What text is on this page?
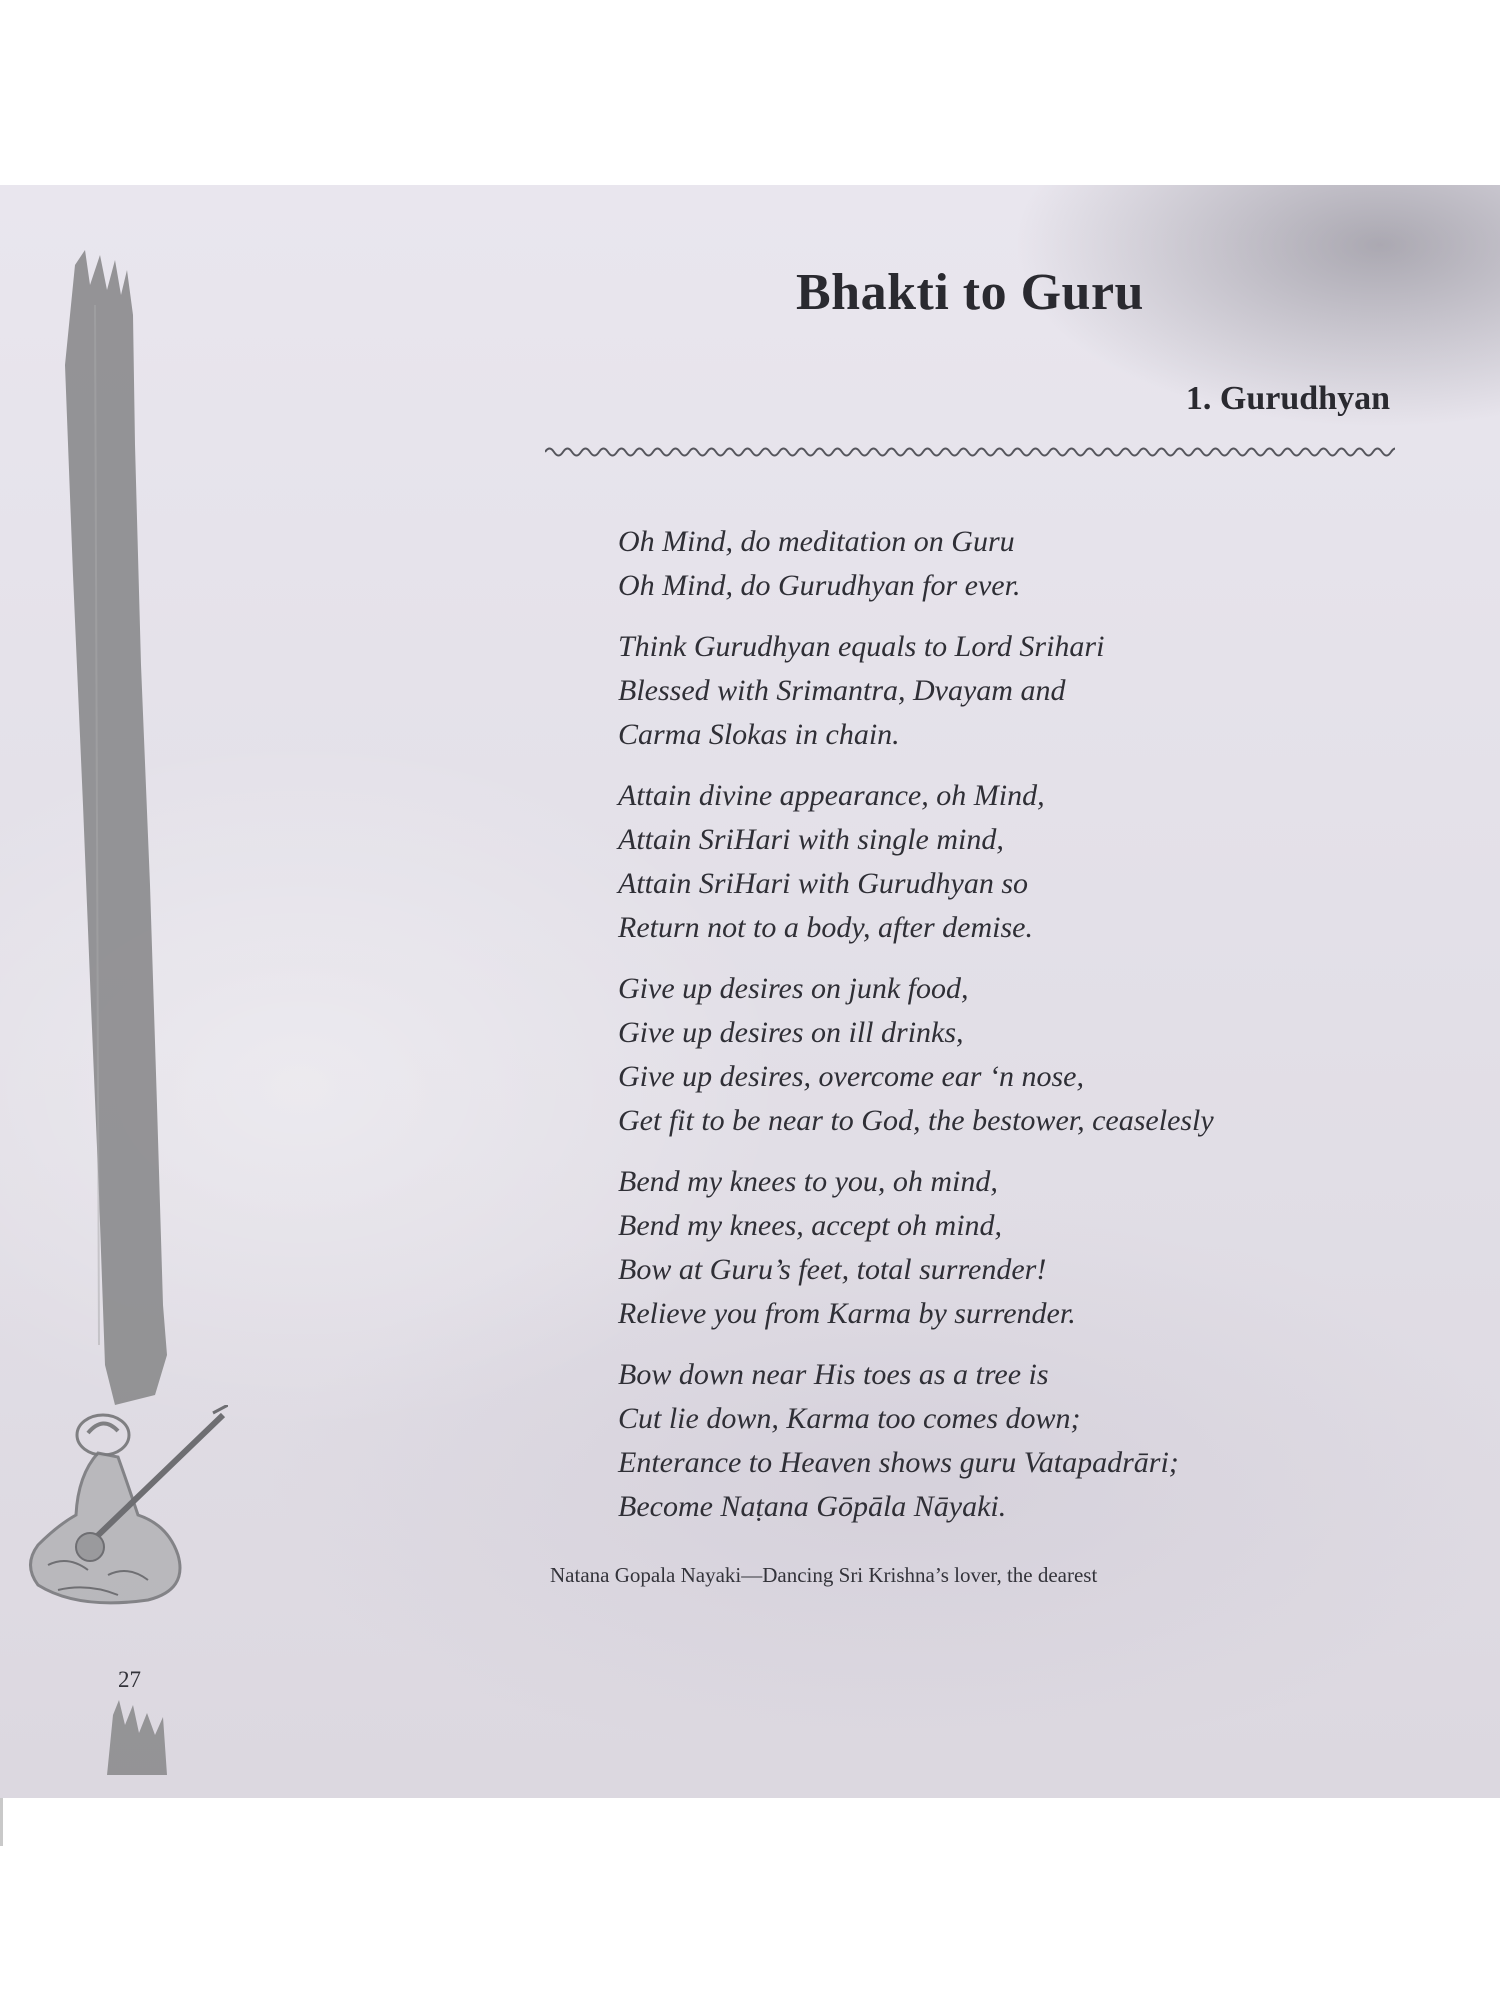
Bhakti to Guru
1. Gurudhyan
Oh Mind, do meditation on Guru
Oh Mind, do Gurudhyan for ever.
Think Gurudhyan equals to Lord Srihari
Blessed with Srimantra, Dvayam and
Carma Slokas in chain.
Attain divine appearance, oh Mind,
Attain SriHari with single mind,
Attain SriHari with Gurudhyan so
Return not to a body, after demise.
Give up desires on junk food,
Give up desires on ill drinks,
Give up desires, overcome ear ‘n nose,
Get fit to be near to God, the bestower, ceaselesly
Bend my knees to you, oh mind,
Bend my knees, accept oh mind,
Bow at Guru’s feet, total surrender!
Relieve you from Karma by surrender.
Bow down near His toes as a tree is
Cut lie down, Karma too comes down;
Enterance to Heaven shows guru Vatapadrāri;
Become Naṭana Gōpāla Nāyaki.
Natana Gopala Nayaki—Dancing Sri Krishna’s lover, the dearest
27
